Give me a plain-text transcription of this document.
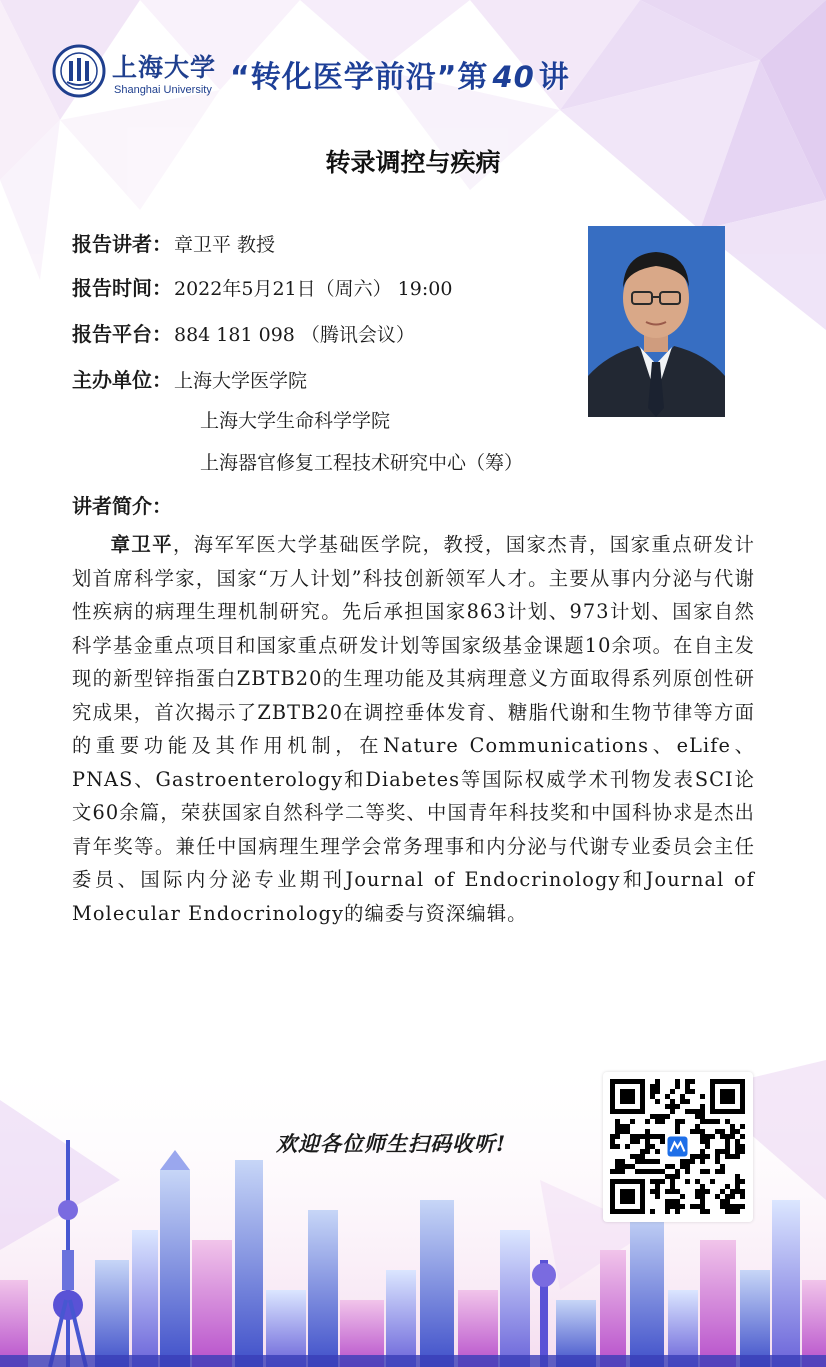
上海大学
Shanghai University “转化医学前沿”第 40 讲
转录调控与疾病
报告讲者： 章卫平 教授
报告时间： 2022年5月21日（周六） 19:00
报告平台： 884 181 098 （腾讯会议）
主办单位： 上海大学医学院
上海大学生命科学学院
上海器官修复工程技术研究中心（筹）
讲者简介：
章卫平，海军军医大学基础医学院，教授，国家杰青，国家重点研发计划首席科学家，国家“万人计划”科技创新领军人才。主要从事内分泌与代谢性疾病的病理生理机制研究。先后承担国家863计划、973计划、国家自然科学基金重点项目和国家重点研发计划等国家级基金课题10余项。在自主发现的新型锌指蛋白ZBTB20的生理功能及其病理意义方面取得系列原创性研究成果，首次揭示了ZBTB20在调控垂体发育、糖脂代谢和生物节律等方面的重要功能及其作用机制，在Nature Communications、eLife、PNAS、Gastroenterology和Diabetes等国际权威学术刊物发表SCI论文60余篇，荣获国家自然科学二等奖、中国青年科技奖和中国科协求是杰出青年奖等。兼任中国病理生理学会常务理事和内分泌与代谢专业委员会主任委员、国际内分泌专业期刊Journal of Endocrinology和Journal of Molecular Endocrinology的编委与资深编辑。
欢迎各位师生扫码收听!
